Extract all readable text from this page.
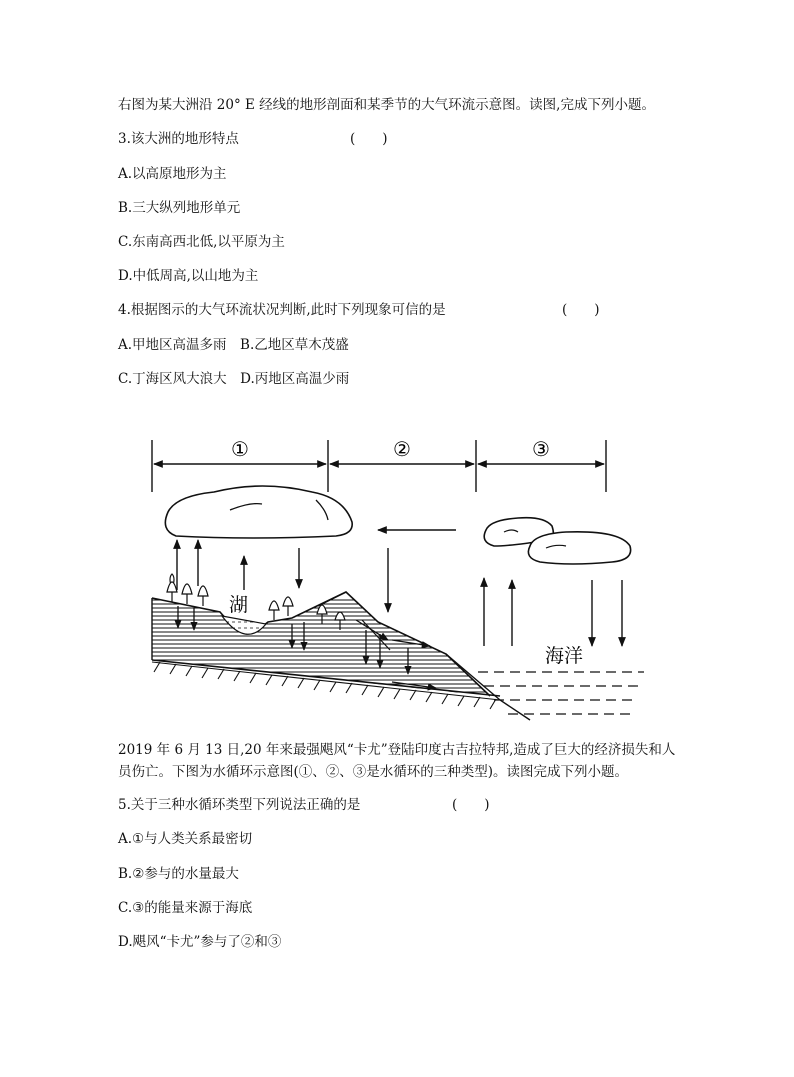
右图为某大洲沿 20° E 经线的地形剖面和某季节的大气环流示意图。读图,完成下列小题。
3.该大洲的地形特点	(　　)
A.以高原地形为主
B.三大纵列地形单元
C.东南高西北低,以平原为主
D.中低周高,以山地为主
4.根据图示的大气环流状况判断,此时下列现象可信的是	(　　)
A.甲地区高温多雨　B.乙地区草木茂盛
C.丁海区风大浪大　D.丙地区高温少雨
①	②	③
湖
海洋
2019 年 6 月 13 日,20 年来最强飓风“卡尤”登陆印度古吉拉特邦,造成了巨大的经济损失和人员伤亡。下图为水循环示意图(①、②、③是水循环的三种类型)。读图完成下列小题。
5.关于三种水循环类型下列说法正确的是	(　　)
A.①与人类关系最密切
B.②参与的水量最大
C.③的能量来源于海底
D.飓风“卡尤”参与了②和③
